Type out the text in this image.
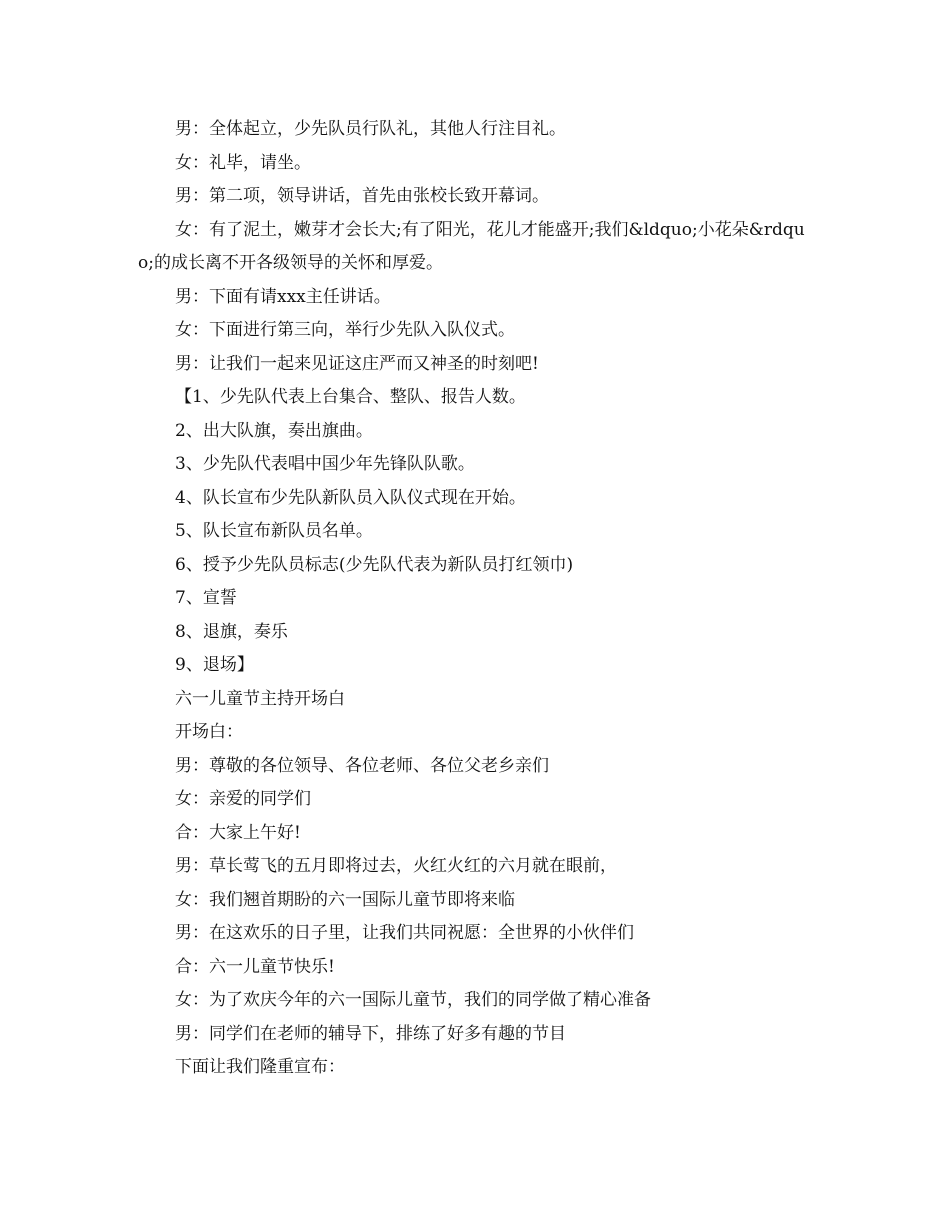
男：全体起立，少先队员行队礼，其他人行注目礼。

女：礼毕，请坐。

男：第二项，领导讲话，首先由张校长致开幕词。

女：有了泥土，嫩芽才会长大;有了阳光，花儿才能盛开;我们&ldquo;小花朵&rdquo;的成长离不开各级领导的关怀和厚爱。

男：下面有请xxx主任讲话。

女：下面进行第三向，举行少先队入队仪式。

男：让我们一起来见证这庄严而又神圣的时刻吧!

【1、少先队代表上台集合、整队、报告人数。

2、出大队旗，奏出旗曲。

3、少先队代表唱中国少年先锋队队歌。

4、队长宣布少先队新队员入队仪式现在开始。

5、队长宣布新队员名单。

6、授予少先队员标志(少先队代表为新队员打红领巾)

7、宣誓

8、退旗，奏乐

9、退场】

六一儿童节主持开场白

开场白：

男：尊敬的各位领导、各位老师、各位父老乡亲们

女：亲爱的同学们

合：大家上午好!

男：草长莺飞的五月即将过去，火红火红的六月就在眼前，

女：我们翘首期盼的六一国际儿童节即将来临

男：在这欢乐的日子里，让我们共同祝愿：全世界的小伙伴们

合：六一儿童节快乐!

女：为了欢庆今年的六一国际儿童节，我们的同学做了精心准备

男：同学们在老师的辅导下，排练了好多有趣的节目

下面让我们隆重宣布：
